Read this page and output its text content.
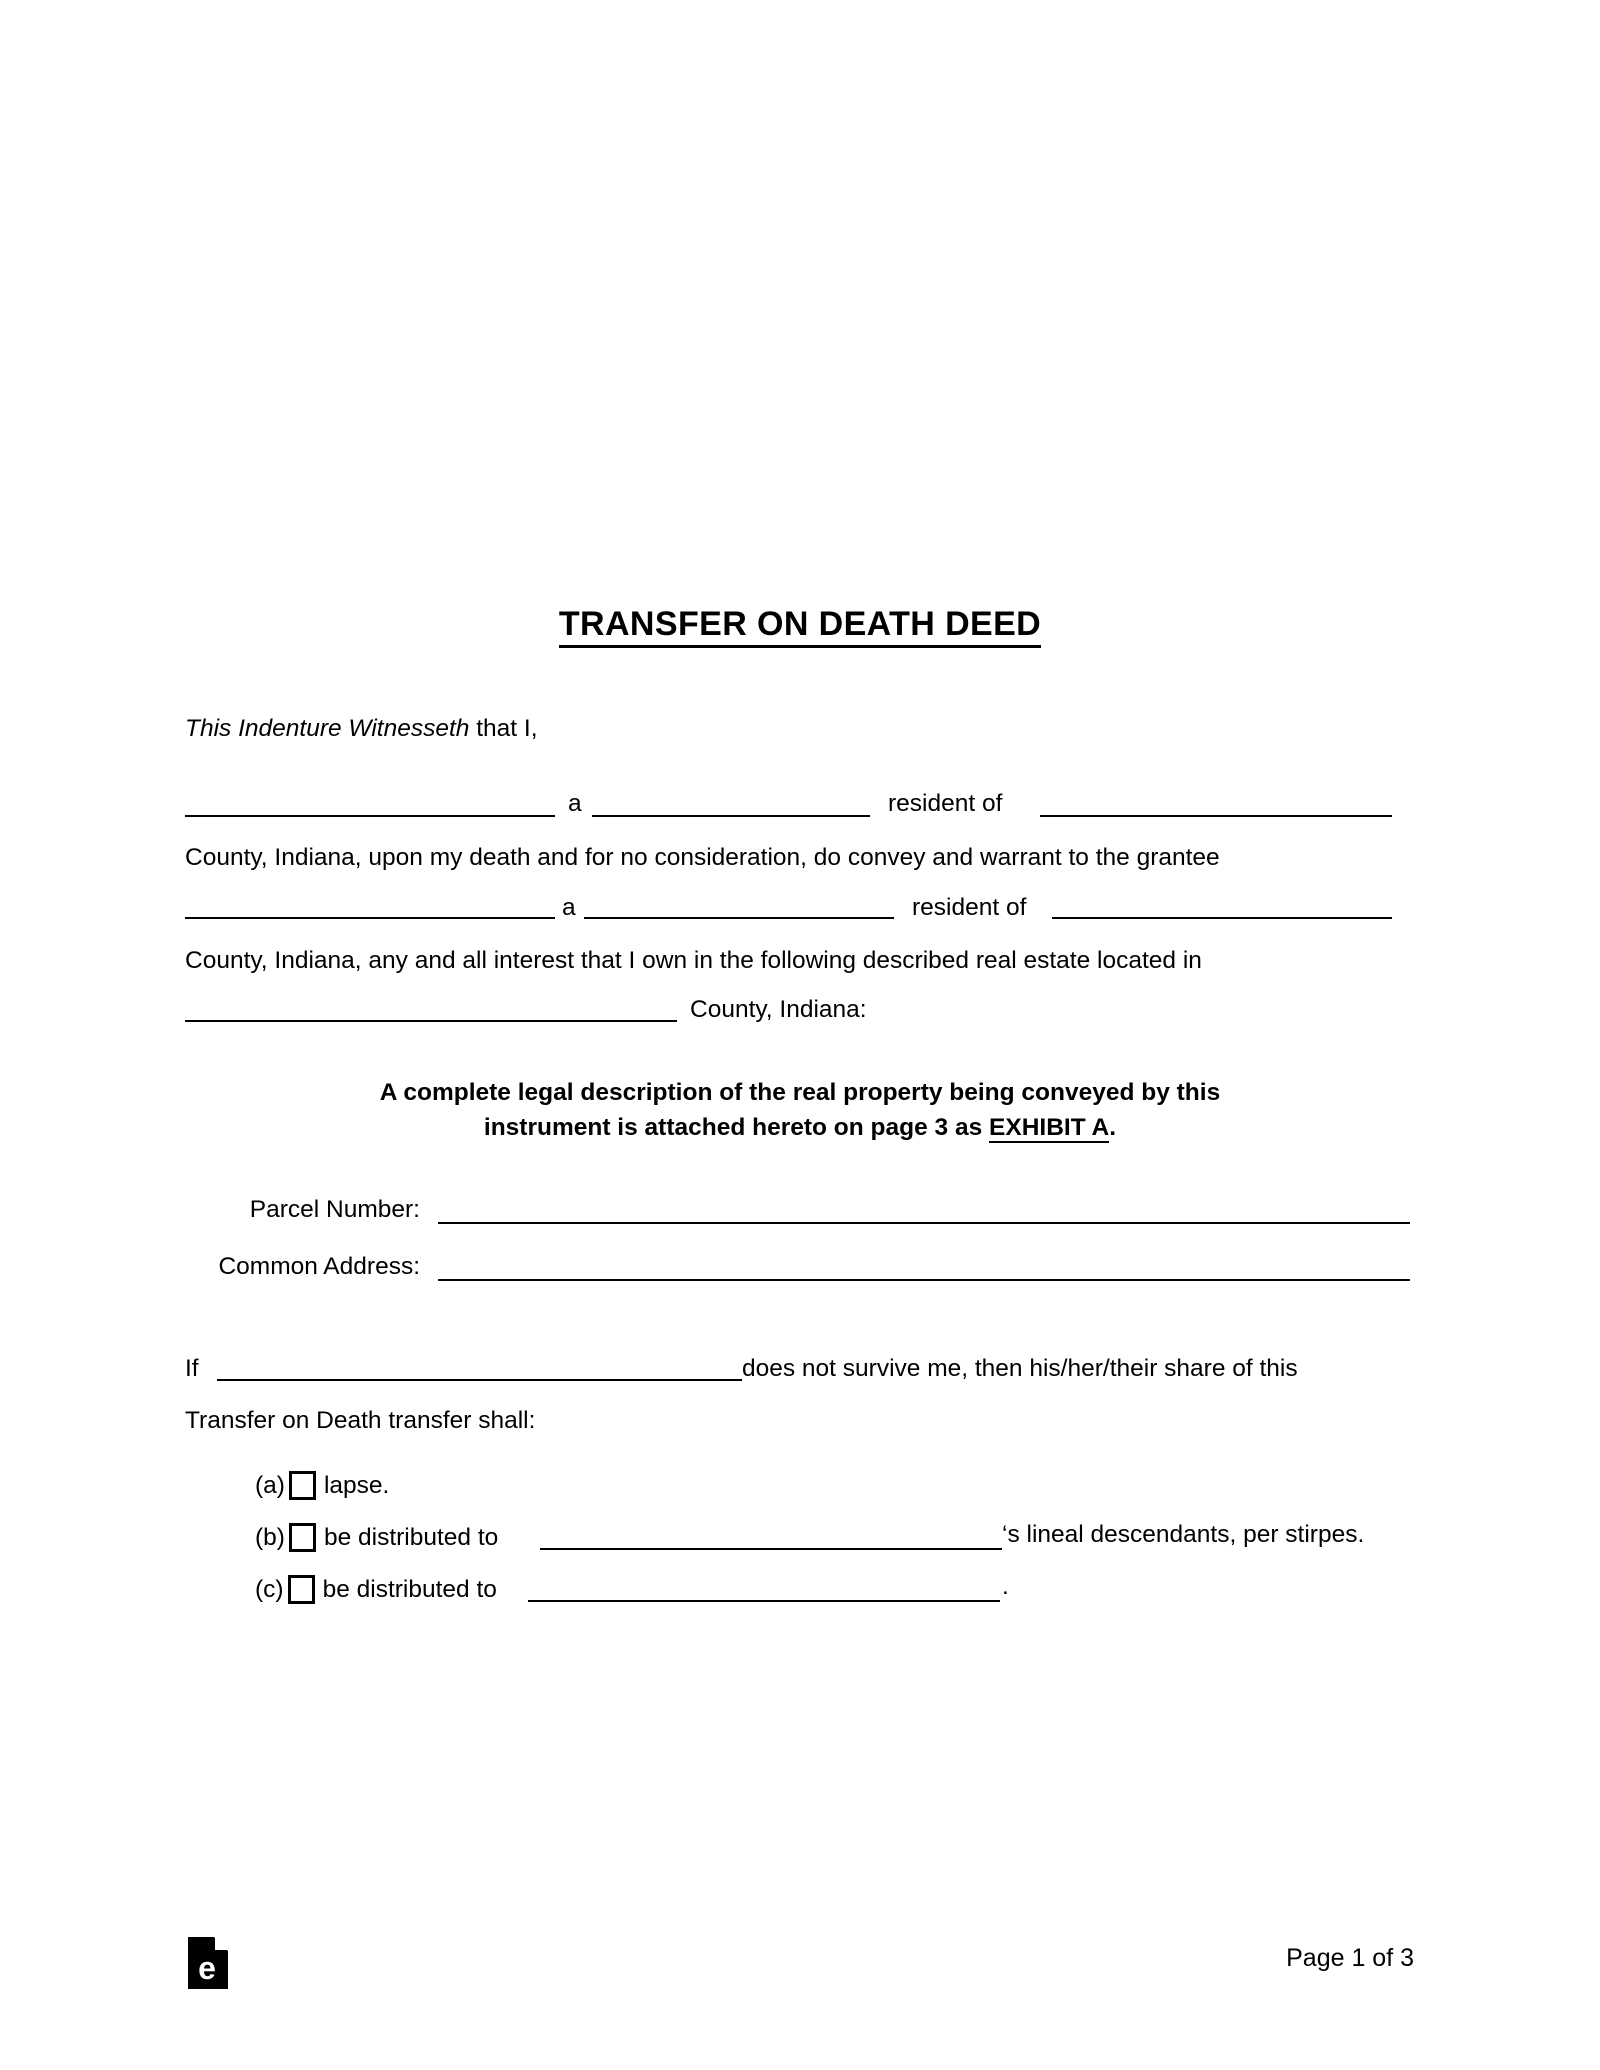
TRANSFER ON DEATH DEED
This Indenture Witnesseth that I,
a	resident of
County, Indiana, upon my death and for no consideration, do convey and warrant to the grantee
a	resident of
County, Indiana, any and all interest that I own in the following described real estate located in
County, Indiana:
A complete legal description of the real property being conveyed by this
instrument is attached hereto on page 3 as EXHIBIT A.
Parcel Number:
Common Address:
If	does not survive me, then his/her/their share of this
Transfer on Death transfer shall:
(a) lapse.
(b) be distributed to	‘s lineal descendants, per stirpes.
(c) be distributed to	.
e	Page 1 of 3
